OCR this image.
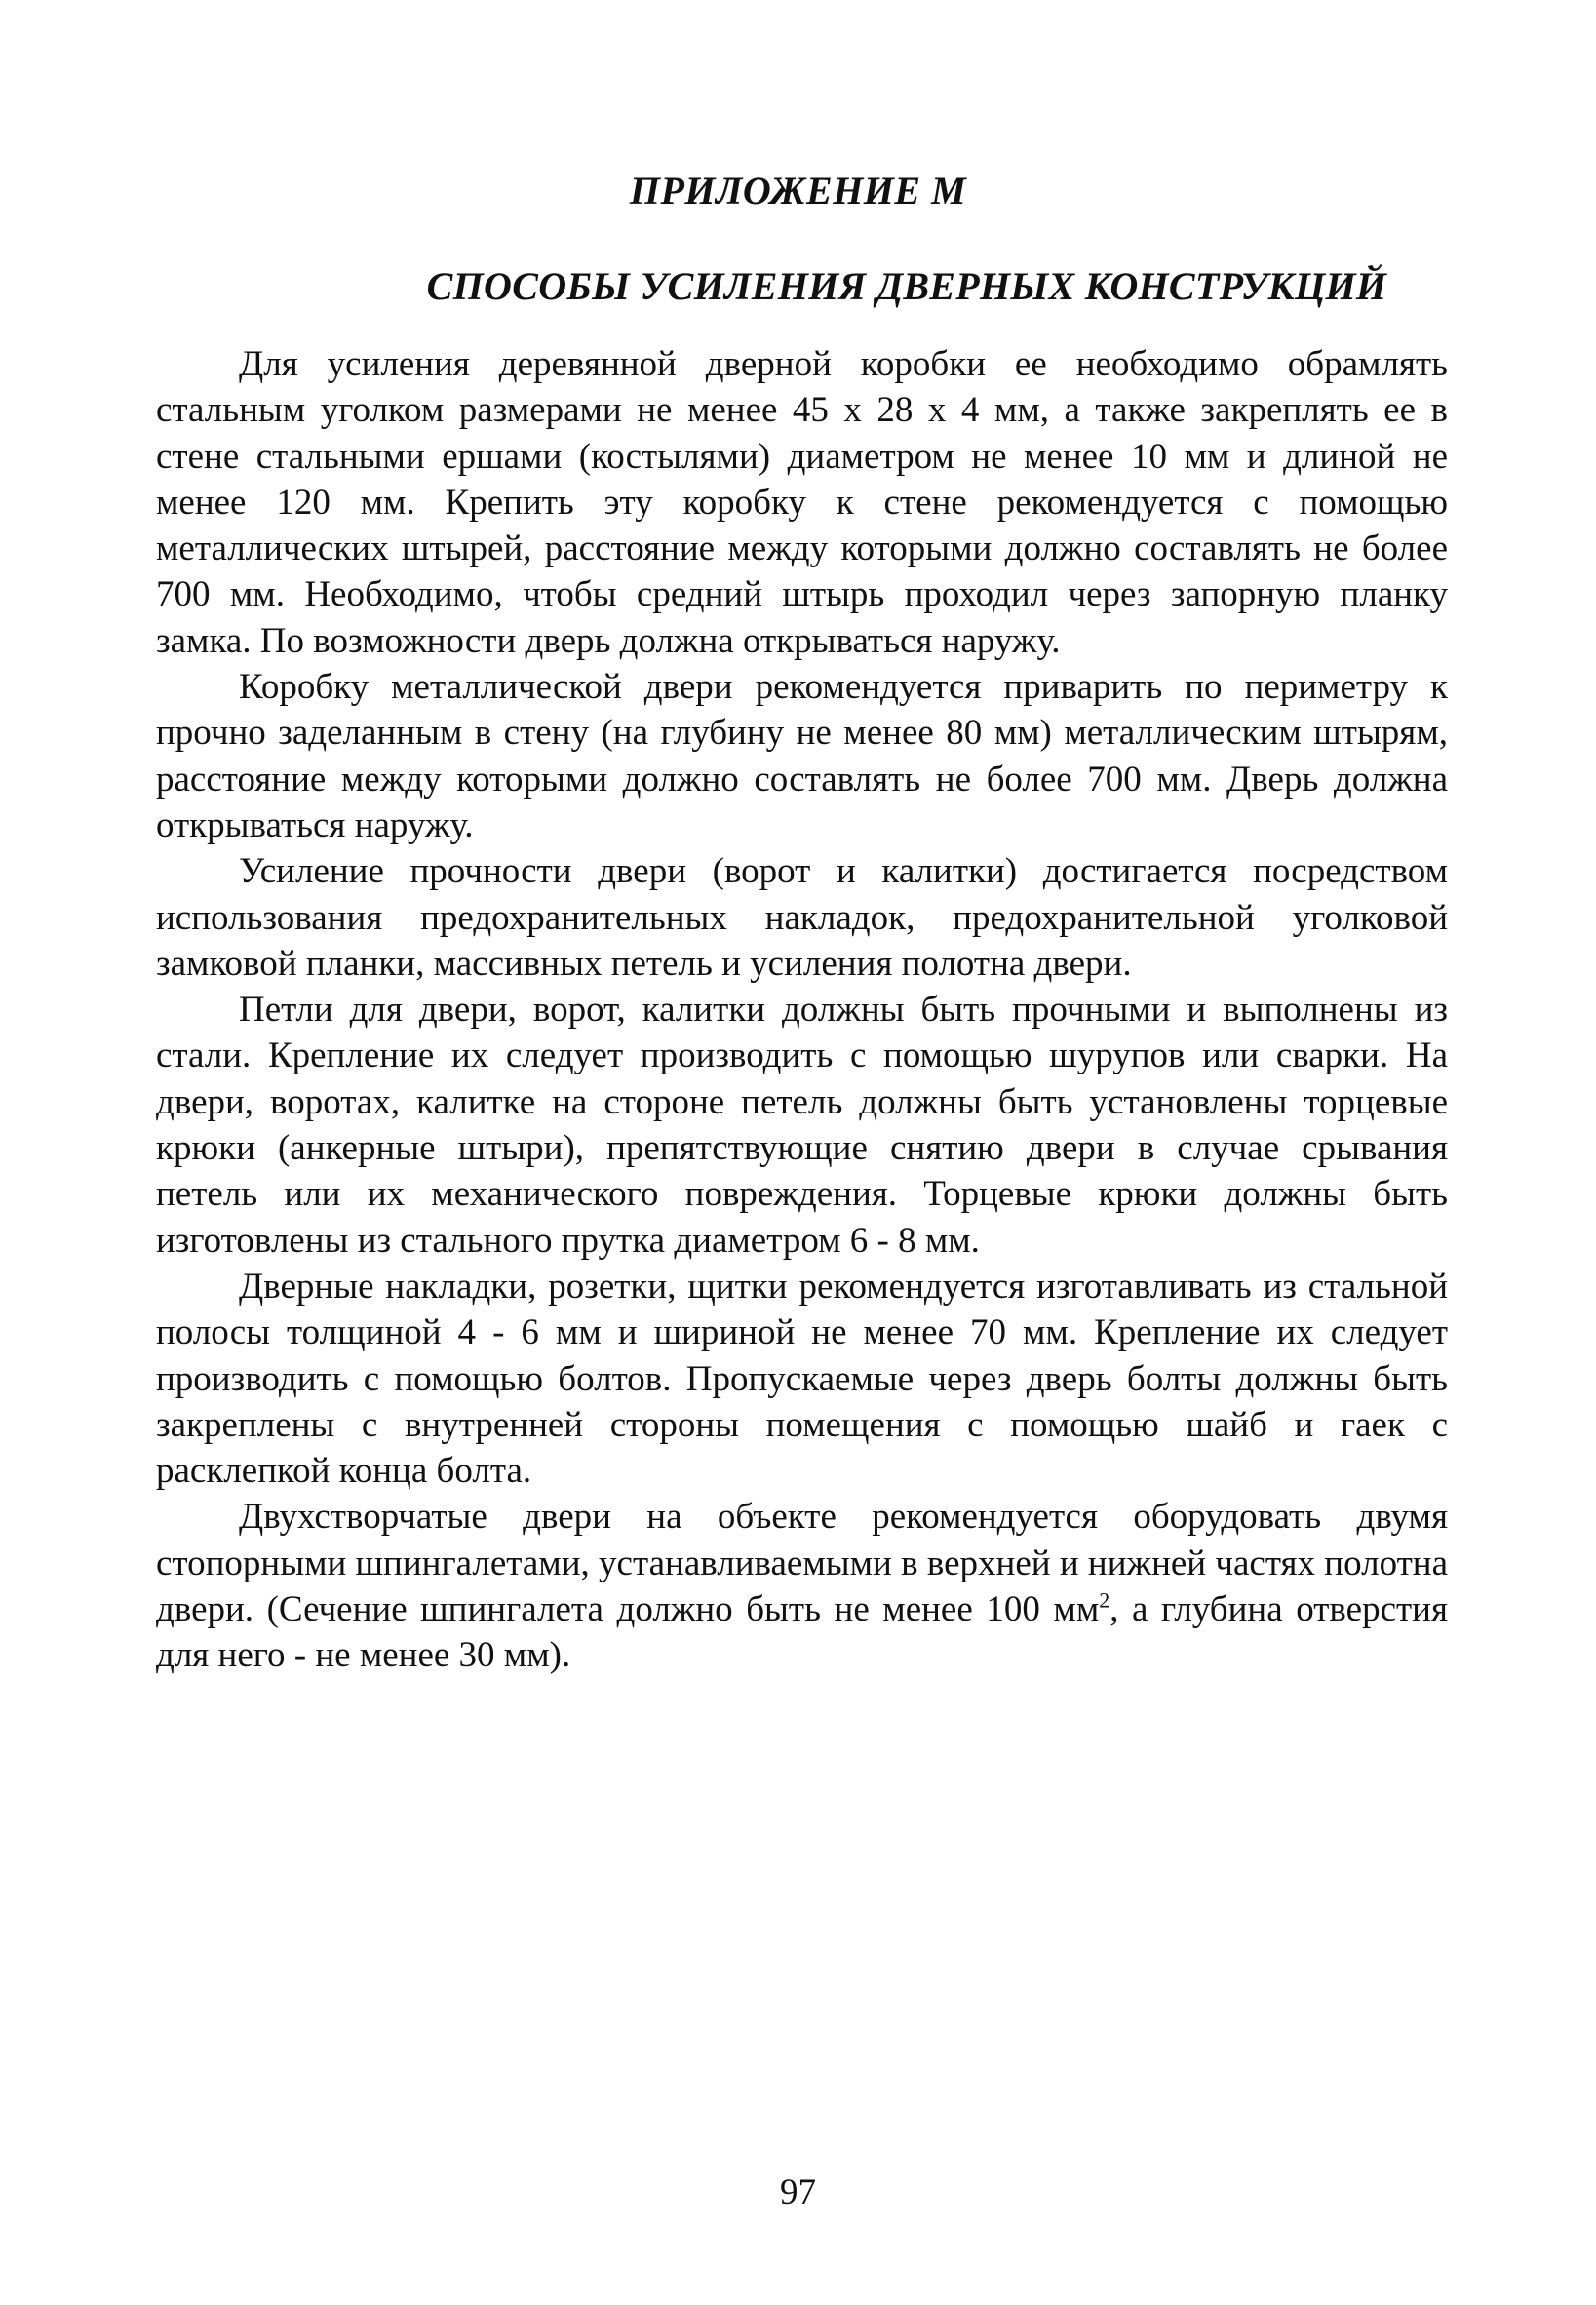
ПРИЛОЖЕНИЕ М
СПОСОБЫ УСИЛЕНИЯ ДВЕРНЫХ КОНСТРУКЦИЙ

Для усиления деревянной дверной коробки ее необходимо обрамлять стальным уголком размерами не менее 45 х 28 х 4 мм, а также закреплять ее в стене стальными ершами (костылями) диаметром не менее 10 мм и длиной не менее 120 мм. Крепить эту коробку к стене рекомендуется с помощью металлических штырей, расстояние между которыми должно составлять не более 700 мм. Необходимо, чтобы средний штырь проходил через запорную планку замка. По возможности дверь должна открываться наружу.

Коробку металлической двери рекомендуется приварить по периметру к прочно заделанным в стену (на глубину не менее 80 мм) металлическим штырям, расстояние между которыми должно составлять не более 700 мм. Дверь должна открываться наружу.

Усиление прочности двери (ворот и калитки) достигается посредством использования предохранительных накладок, предохранительной уголковой замковой планки, массивных петель и усиления полотна двери.

Петли для двери, ворот, калитки должны быть прочными и выполнены из стали. Крепление их следует производить с помощью шурупов или сварки. На двери, воротах, калитке на стороне петель должны быть установлены торцевые крюки (анкерные штыри), препятствующие снятию двери в случае срывания петель или их механического повреждения. Торцевые крюки должны быть изготовлены из стального прутка диаметром 6 - 8 мм.

Дверные накладки, розетки, щитки рекомендуется изготавливать из стальной полосы толщиной 4 - 6 мм и шириной не менее 70 мм. Крепление их следует производить с помощью болтов. Пропускаемые через дверь болты должны быть закреплены с внутренней стороны помещения с помощью шайб и гаек с расклепкой конца болта.

Двухстворчатые двери на объекте рекомендуется оборудовать двумя стопорными шпингалетами, устанавливаемыми в верхней и нижней частях полотна двери. (Сечение шпингалета должно быть не менее 100 $мм^2$, а глубина отверстия для него - не менее 30 мм).

97
